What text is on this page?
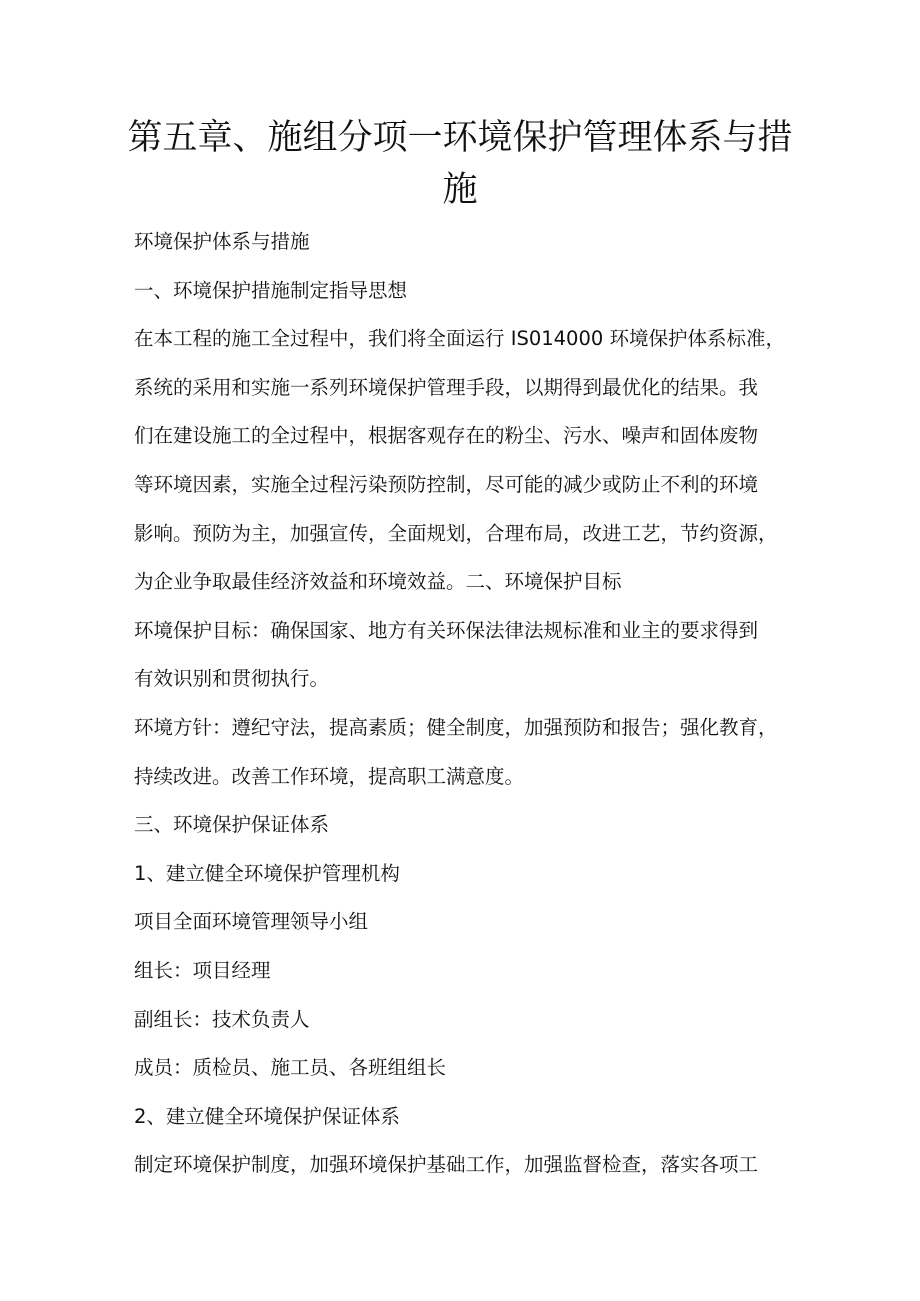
第五章、施组分项一环境保护管理体系与措
施
环境保护体系与措施
一、环境保护措施制定指导思想
在本工程的施工全过程中，我们将全面运行 IS014000 环境保护体系标准，
系统的采用和实施一系列环境保护管理手段，以期得到最优化的结果。我
们在建设施工的全过程中，根据客观存在的粉尘、污水、噪声和固体废物
等环境因素，实施全过程污染预防控制，尽可能的减少或防止不利的环境
影响。预防为主，加强宣传，全面规划，合理布局，改进工艺，节约资源，
为企业争取最佳经济效益和环境效益。二、环境保护目标
环境保护目标：确保国家、地方有关环保法律法规标准和业主的要求得到
有效识别和贯彻执行。
环境方针：遵纪守法，提高素质；健全制度，加强预防和报告；强化教育，
持续改进。改善工作环境，提高职工满意度。
三、环境保护保证体系
1、建立健全环境保护管理机构
项目全面环境管理领导小组
组长：项目经理
副组长：技术负责人
成员：质检员、施工员、各班组组长
2、建立健全环境保护保证体系
制定环境保护制度，加强环境保护基础工作，加强监督检查，落实各项工
